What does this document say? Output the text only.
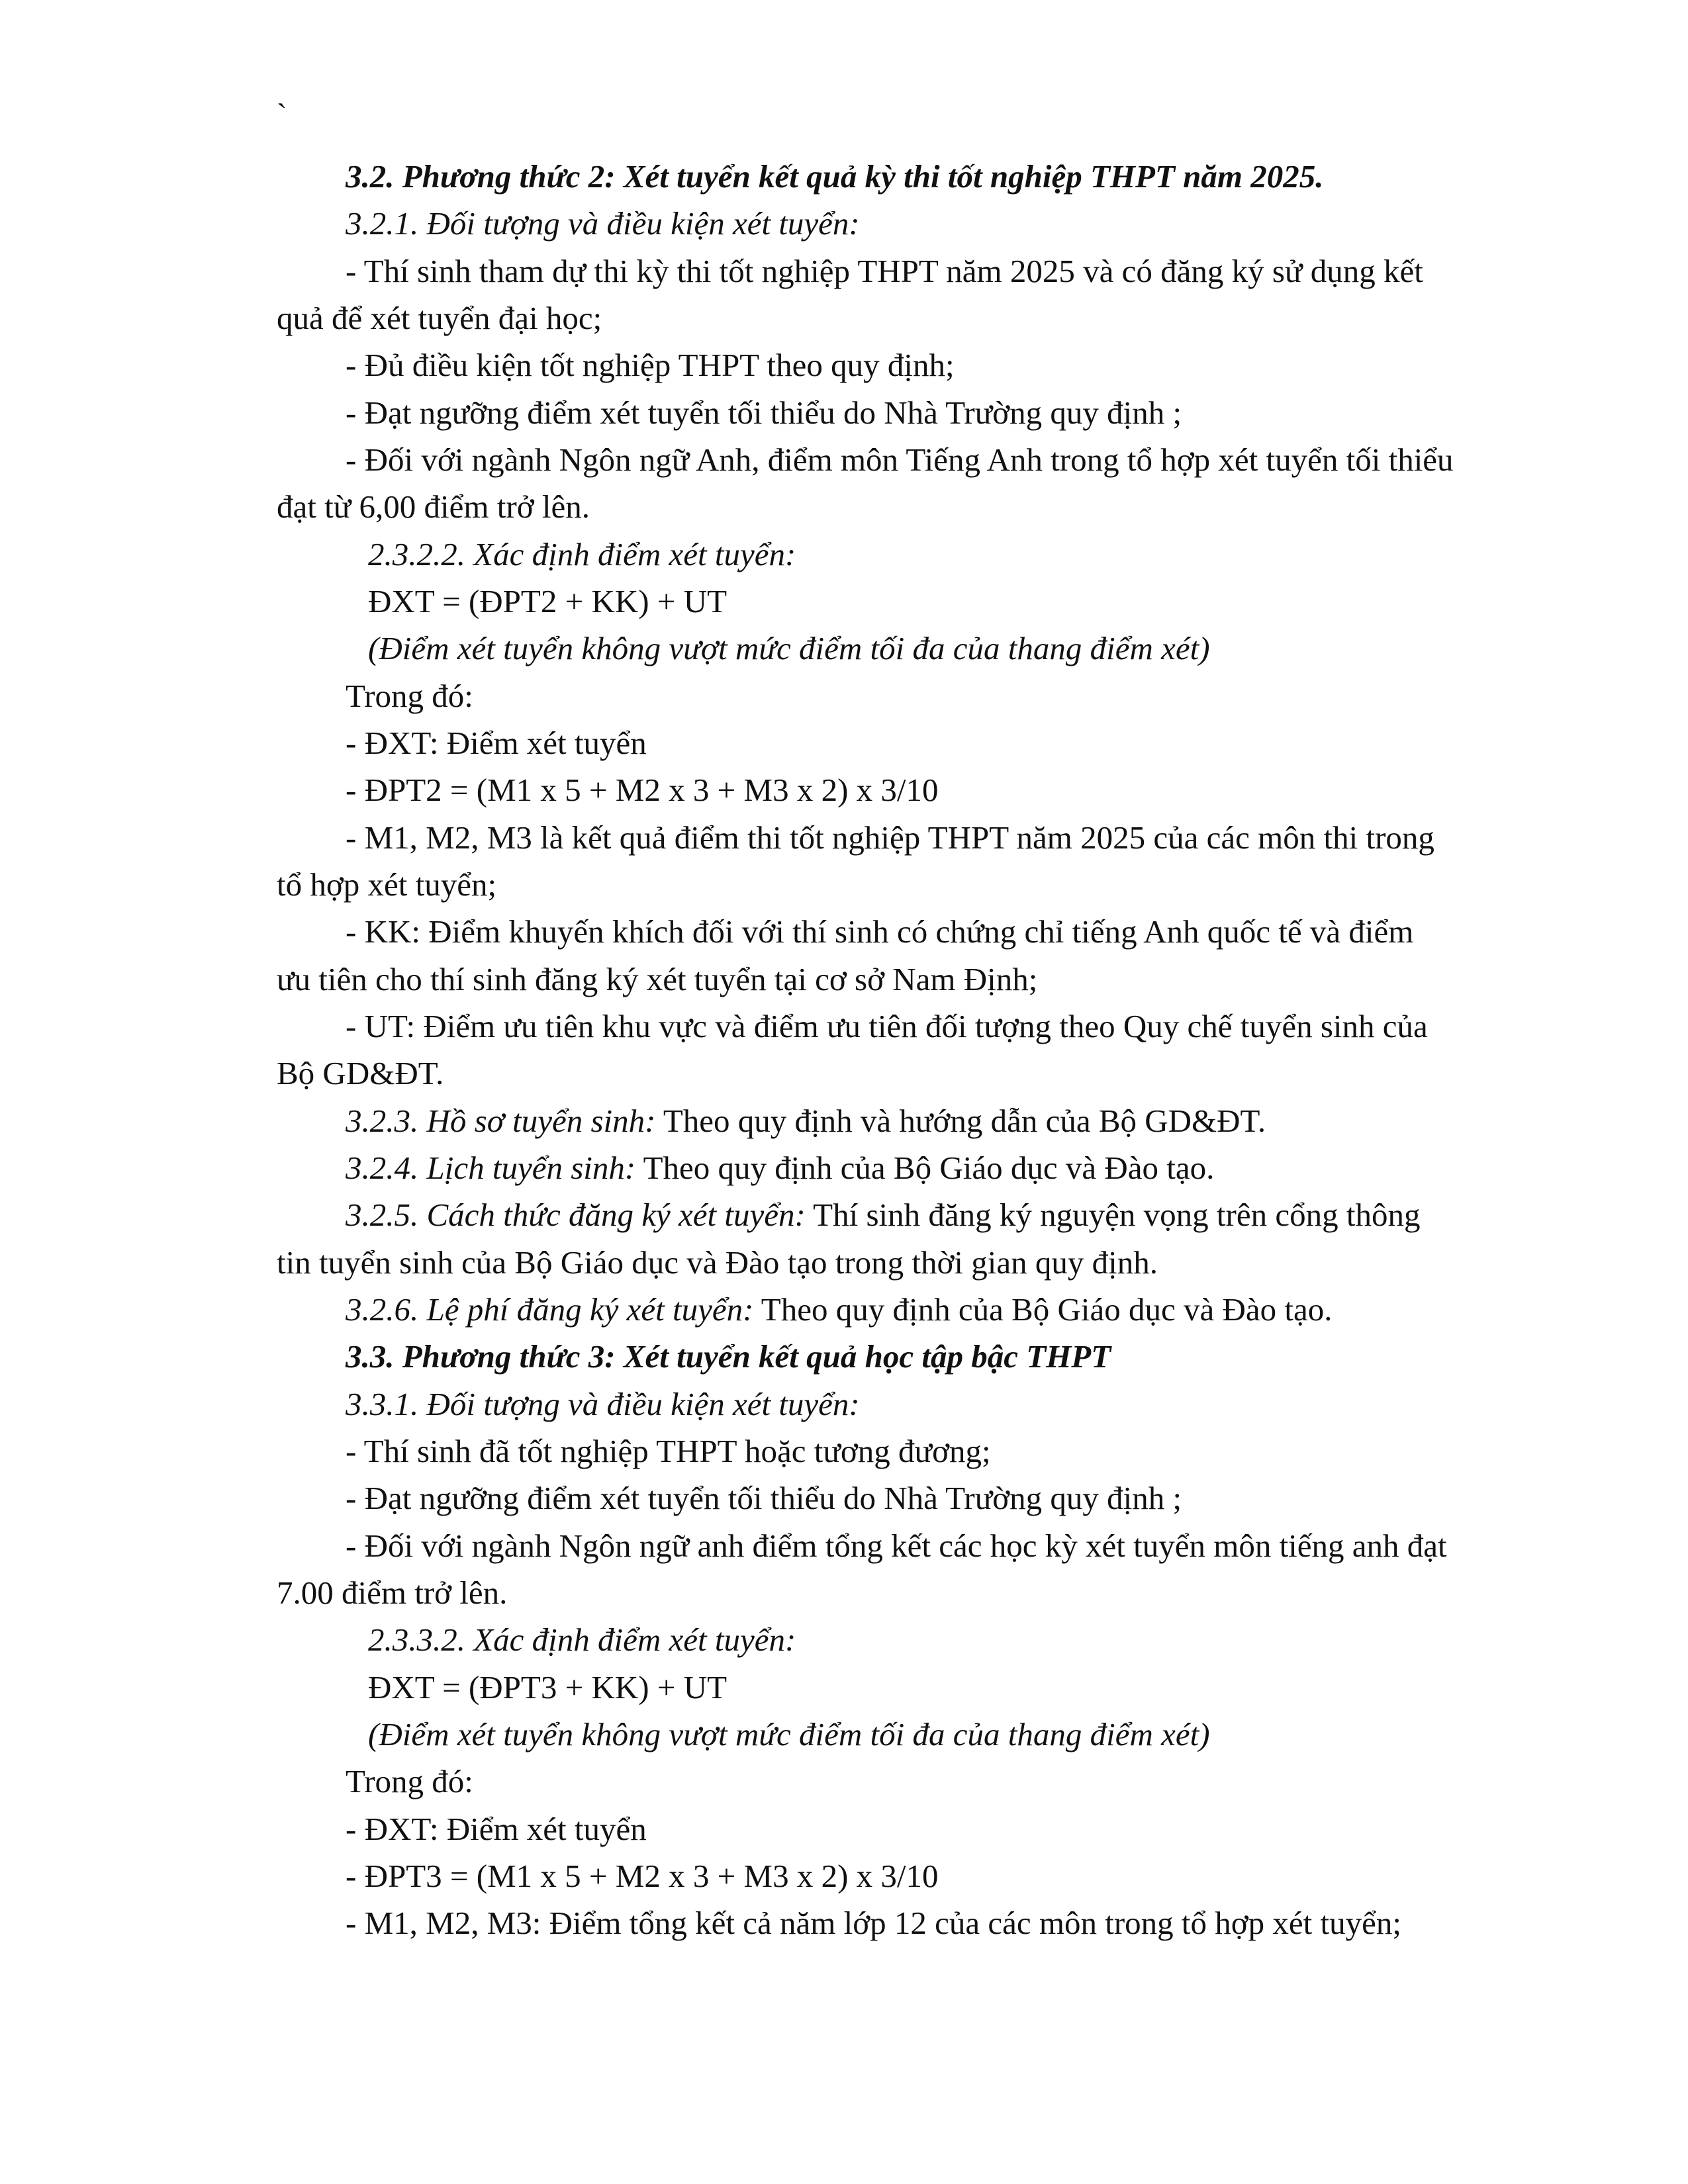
`
3.2. Phương thức 2: Xét tuyển kết quả kỳ thi tốt nghiệp THPT năm 2025.
3.2.1. Đối tượng và điều kiện xét tuyển:
- Thí sinh tham dự thi kỳ thi tốt nghiệp THPT năm 2025 và có đăng ký sử dụng kết
quả để xét tuyển đại học;
- Đủ điều kiện tốt nghiệp THPT theo quy định;
- Đạt ngưỡng điểm xét tuyển tối thiểu do Nhà Trường quy định ;
- Đối với ngành Ngôn ngữ Anh, điểm môn Tiếng Anh trong tổ hợp xét tuyển tối thiểu
đạt từ 6,00 điểm trở lên.
2.3.2.2. Xác định điểm xét tuyển:
ĐXT = (ĐPT2 + KK) + UT
(Điểm xét tuyển không vượt mức điểm tối đa của thang điểm xét)
Trong đó:
- ĐXT: Điểm xét tuyển
- ĐPT2 = (M1 x 5 + M2 x 3 + M3 x 2) x 3/10
- M1, M2, M3 là kết quả điểm thi tốt nghiệp THPT năm 2025 của các môn thi trong
tổ hợp xét tuyển;
- KK: Điểm khuyến khích đối với thí sinh có chứng chỉ tiếng Anh quốc tế và điểm
ưu tiên cho thí sinh đăng ký xét tuyển tại cơ sở Nam Định;
- UT: Điểm ưu tiên khu vực và điểm ưu tiên đối tượng theo Quy chế tuyển sinh của
Bộ GD&ĐT.
3.2.3. Hồ sơ tuyển sinh: Theo quy định và hướng dẫn của Bộ GD&ĐT.
3.2.4. Lịch tuyển sinh: Theo quy định của Bộ Giáo dục và Đào tạo.
3.2.5. Cách thức đăng ký xét tuyển: Thí sinh đăng ký nguyện vọng trên cổng thông
tin tuyển sinh của Bộ Giáo dục và Đào tạo trong thời gian quy định.
3.2.6. Lệ phí đăng ký xét tuyển: Theo quy định của Bộ Giáo dục và Đào tạo.
3.3. Phương thức 3: Xét tuyển kết quả học tập bậc THPT
3.3.1. Đối tượng và điều kiện xét tuyển:
- Thí sinh đã tốt nghiệp THPT hoặc tương đương;
- Đạt ngưỡng điểm xét tuyển tối thiểu do Nhà Trường quy định ;
- Đối với ngành Ngôn ngữ anh điểm tổng kết các học kỳ xét tuyển môn tiếng anh đạt
7.00 điểm trở lên.
2.3.3.2. Xác định điểm xét tuyển:
ĐXT = (ĐPT3 + KK) + UT
(Điểm xét tuyển không vượt mức điểm tối đa của thang điểm xét)
Trong đó:
- ĐXT: Điểm xét tuyển
- ĐPT3 = (M1 x 5 + M2 x 3 + M3 x 2) x 3/10
- M1, M2, M3: Điểm tổng kết cả năm lớp 12 của các môn trong tổ hợp xét tuyển;
